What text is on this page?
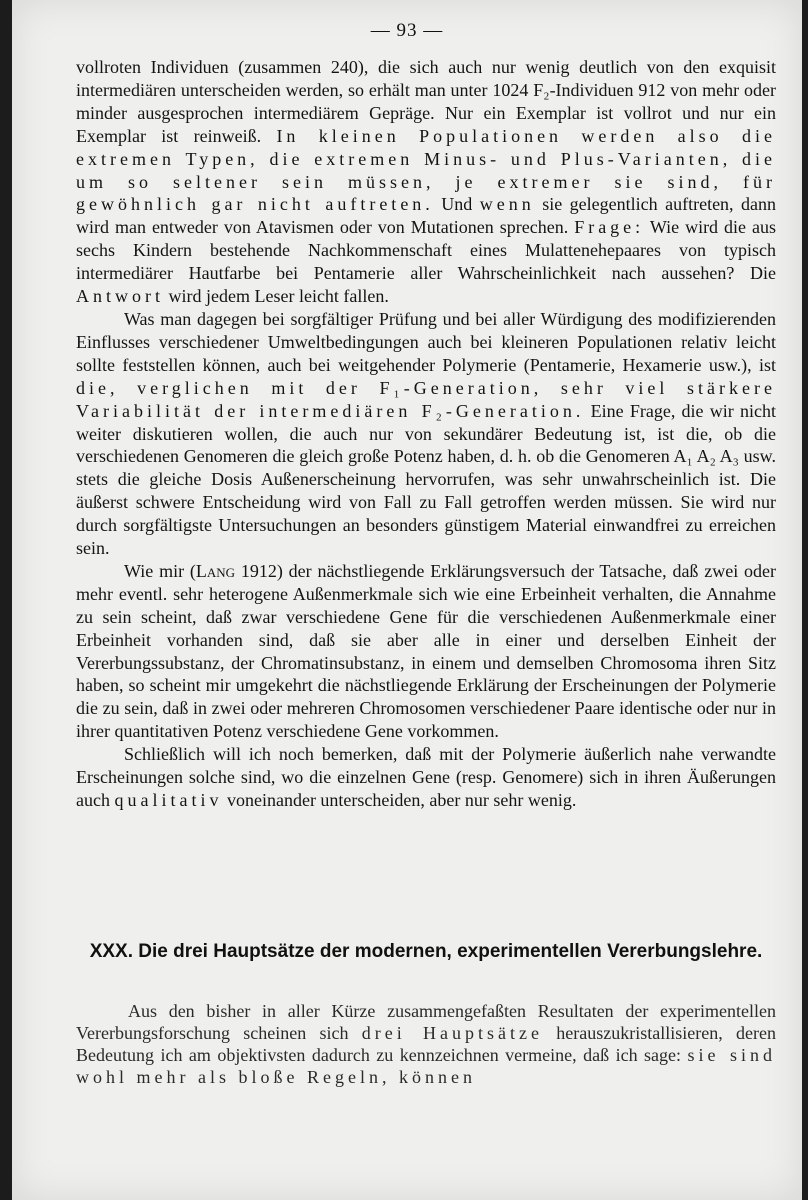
— 93 —

vollroten Individuen (zusammen 240), die sich auch nur wenig deutlich von den exquisit intermediären unterscheiden werden, so erhält man unter 1024 F₂-Individuen 912 von mehr oder minder ausgesprochen intermediärem Gepräge. Nur ein Exemplar ist vollrot und nur ein Exemplar ist reinweiß. In kleinen Populationen werden also die extremen Typen, die extremen Minus- und Plus-Varianten, die um so seltener sein müssen, je extremer sie sind, für gewöhnlich gar nicht auftreten. Und wenn sie gelegentlich auftreten, dann wird man entweder von Atavismen oder von Mutationen sprechen. Frage: Wie wird die aus sechs Kindern bestehende Nachkommenschaft eines Mulattenehepaares von typisch intermediärer Hautfarbe bei Pentamerie aller Wahrscheinlichkeit nach aussehen? Die Antwort wird jedem Leser leicht fallen.

Was man dagegen bei sorgfältiger Prüfung und bei aller Würdigung des modifizierenden Einflusses verschiedener Umweltbedingungen auch bei kleineren Populationen relativ leicht sollte feststellen können, auch bei weitgehender Polymerie (Pentamerie, Hexamerie usw.), ist die, verglichen mit der F₁-Generation, sehr viel stärkere Variabilität der intermediären F₂-Generation. Eine Frage, die wir nicht weiter diskutieren wollen, die auch nur von sekundärer Bedeutung ist, ist die, ob die verschiedenen Genomeren die gleich große Potenz haben, d. h. ob die Genomeren A₁ A₂ A₃ usw. stets die gleiche Dosis Außenerscheinung hervorrufen, was sehr unwahrscheinlich ist. Die äußerst schwere Entscheidung wird von Fall zu Fall getroffen werden müssen. Sie wird nur durch sorgfältigste Untersuchungen an besonders günstigem Material einwandfrei zu erreichen sein.

Wie mir (Lang 1912) der nächstliegende Erklärungsversuch der Tatsache, daß zwei oder mehr eventl. sehr heterogene Außenmerkmale sich wie eine Erbeinheit verhalten, die Annahme zu sein scheint, daß zwar verschiedene Gene für die verschiedenen Außenmerkmale einer Erbeinheit vorhanden sind, daß sie aber alle in einer und derselben Einheit der Vererbungssubstanz, der Chromatinsubstanz, in einem und demselben Chromosoma ihren Sitz haben, so scheint mir umgekehrt die nächstliegende Erklärung der Erscheinungen der Polymerie die zu sein, daß in zwei oder mehreren Chromosomen verschiedener Paare identische oder nur in ihrer quantitativen Potenz verschiedene Gene vorkommen.

Schließlich will ich noch bemerken, daß mit der Polymerie äußerlich nahe verwandte Erscheinungen solche sind, wo die einzelnen Gene (resp. Genomere) sich in ihren Äußerungen auch qualitativ voneinander unterscheiden, aber nur sehr wenig.

XXX. Die drei Hauptsätze der modernen, experimentellen Vererbungslehre.

Aus den bisher in aller Kürze zusammengefaßten Resultaten der experimentellen Vererbungsforschung scheinen sich drei Hauptsätze herauszukristallisieren, deren Bedeutung ich am objektivsten dadurch zu kennzeichnen vermeine, daß ich sage: sie sind wohl mehr als bloße Regeln, können
